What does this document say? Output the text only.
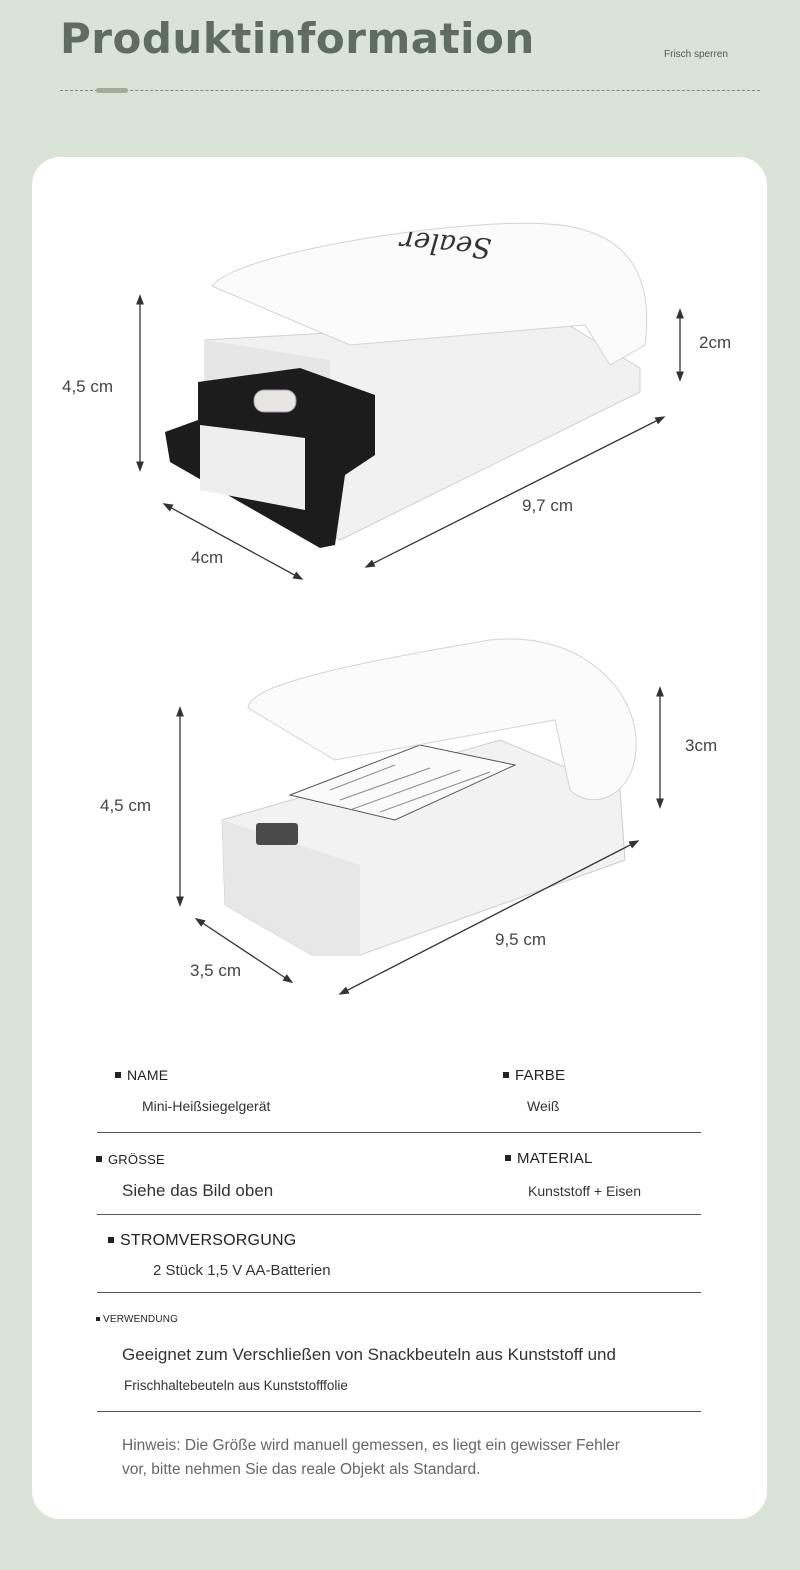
Produktinformation	Frisch sperren
Sealer
4,5 cm
2cm
9,7 cm
4cm
4,5 cm
3cm
9,5 cm
3,5 cm
NAME
Mini-Heißsiegelgerät
FARBE
Weiß
GRÖSSE
Siehe das Bild oben
MATERIAL
Kunststoff + Eisen
STROMVERSORGUNG
2 Stück 1,5 V AA-Batterien
VERWENDUNG
Geeignet zum Verschließen von Snackbeuteln aus Kunststoff und
Frischhaltebeuteln aus Kunststofffolie
Hinweis: Die Größe wird manuell gemessen, es liegt ein gewisser Fehler
vor, bitte nehmen Sie das reale Objekt als Standard.
